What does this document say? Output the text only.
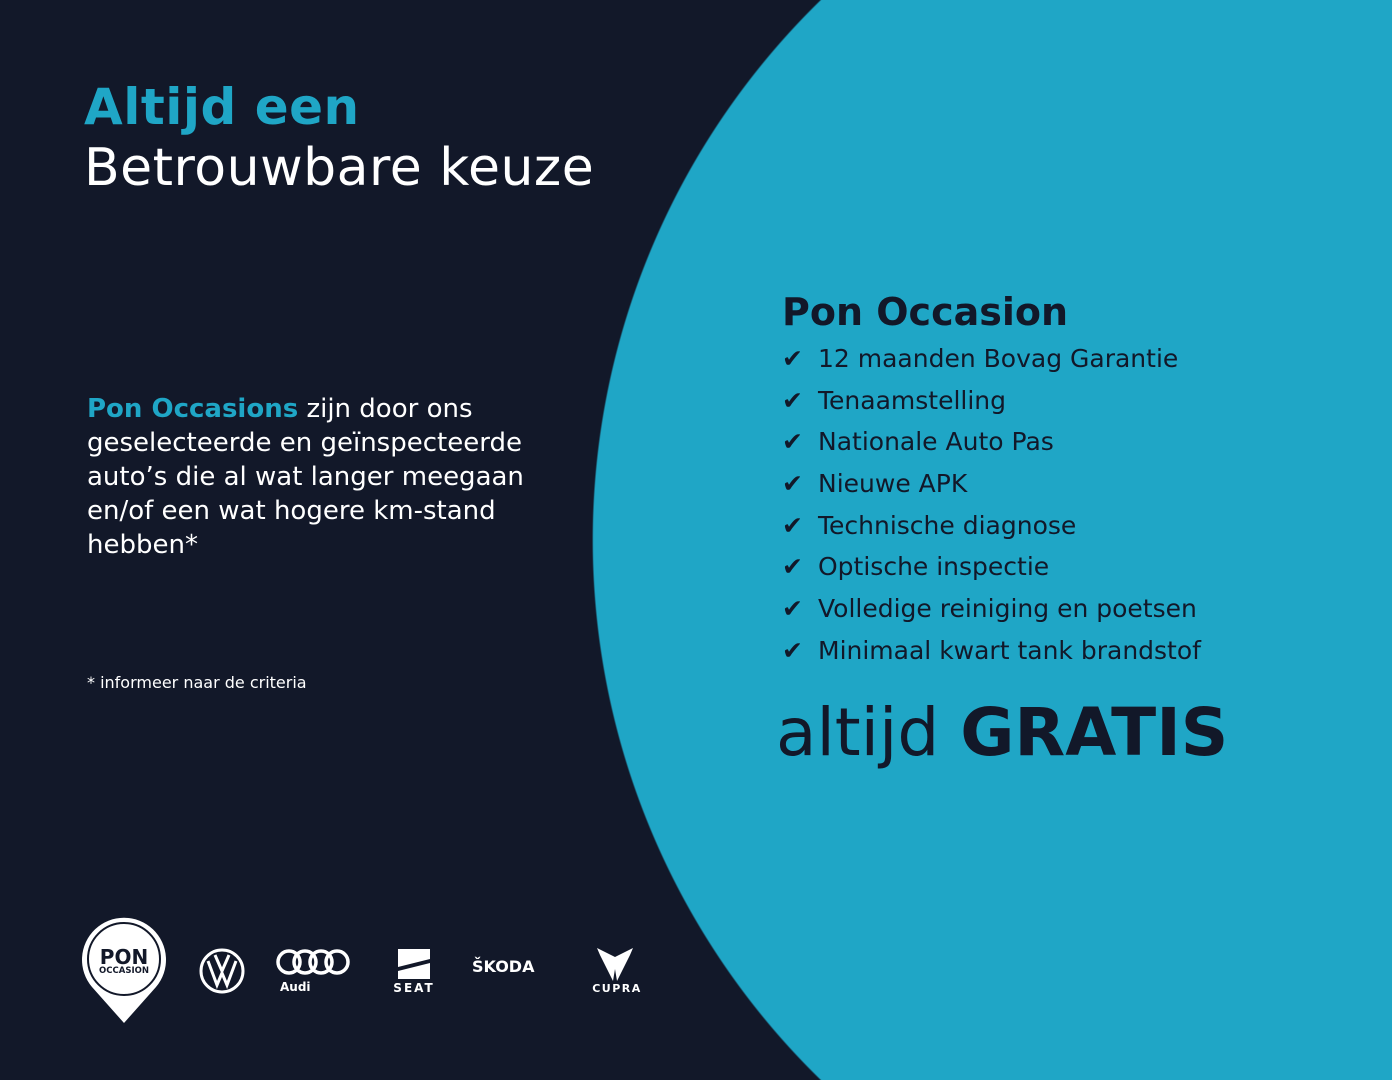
Altijd een
Betrouwbare keuze
Pon Occasions zijn door ons geselecteerde en geïnspecteerde auto’s die al wat langer meegaan en/of een wat hogere km-stand hebben*
* informeer naar de criteria
Pon Occasion
✔ 12 maanden Bovag Garantie
✔ Tenaamstelling
✔ Nationale Auto Pas
✔ Nieuwe APK
✔ Technische diagnose
✔ Optische inspectie
✔ Volledige reiniging en poetsen
✔ Minimaal kwart tank brandstof
altijd GRATIS
PON
OCCASION
Audi	SEAT
ŠKODA
CUPRA
